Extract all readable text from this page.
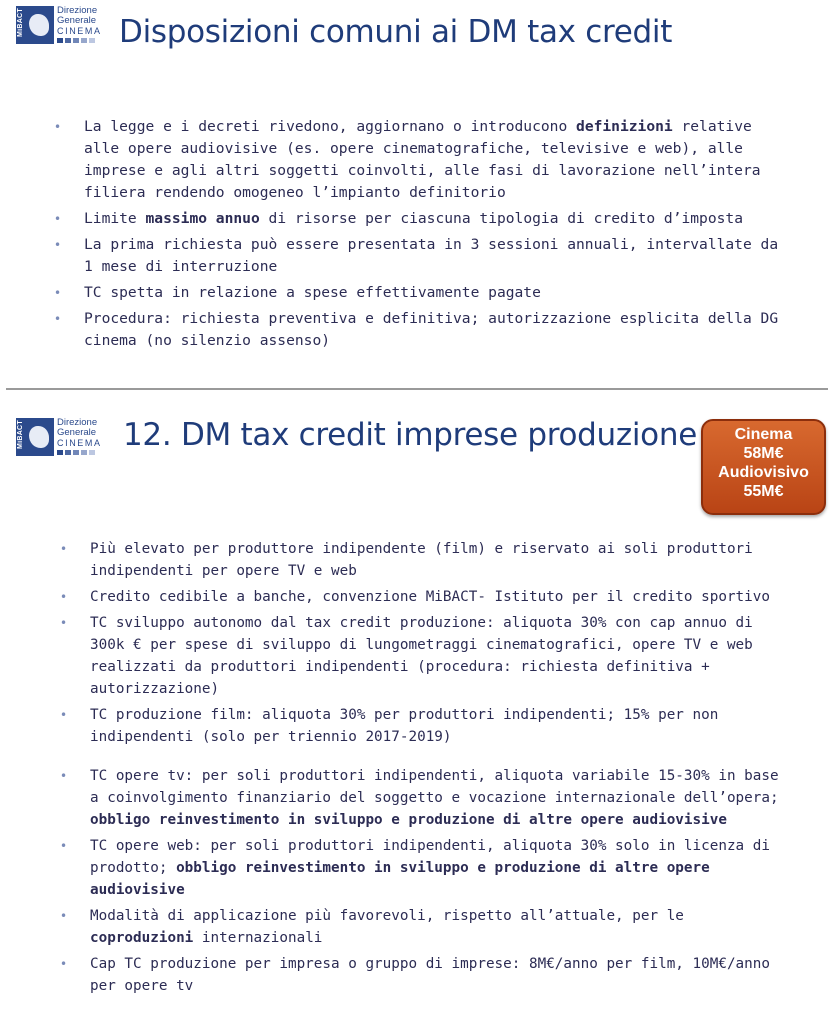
MiBACT	Direzione
Generale
CINEMA Disposizioni comuni ai DM tax credit
• La legge e i decreti rivedono, aggiornano o introducono definizioni relative alle opere audiovisive (es. opere cinematografiche, televisive e web), alle imprese e agli altri soggetti coinvolti, alle fasi di lavorazione nell’intera filiera rendendo omogeneo l’impianto definitorio
• Limite massimo annuo di risorse per ciascuna tipologia di credito d’imposta
• La prima richiesta può essere presentata in 3 sessioni annuali, intervallate da 1 mese di interruzione
• TC spetta in relazione a spese effettivamente pagate
• Procedura: richiesta preventiva e definitiva; autorizzazione esplicita della DG cinema (no silenzio assenso)
MiBACT	Direzione
Generale
CINEMA 12. DM tax credit imprese produzione	Cinema
58M€
Audiovisivo
55M€
• Più elevato per produttore indipendente (film) e riservato ai soli produttori indipendenti per opere TV e web
• Credito cedibile a banche, convenzione MiBACT- Istituto per il credito sportivo
• TC sviluppo autonomo dal tax credit produzione: aliquota 30% con cap annuo di 300k € per spese di sviluppo di lungometraggi cinematografici, opere TV e web realizzati da produttori indipendenti (procedura: richiesta definitiva + autorizzazione)
• TC produzione film: aliquota 30% per produttori indipendenti; 15% per non indipendenti (solo per triennio 2017-2019)
• TC opere tv: per soli produttori indipendenti, aliquota variabile 15-30% in base a coinvolgimento finanziario del soggetto e vocazione internazionale dell’opera; obbligo reinvestimento in sviluppo e produzione di altre opere audiovisive
• TC opere web: per soli produttori indipendenti, aliquota 30% solo in licenza di prodotto; obbligo reinvestimento in sviluppo e produzione di altre opere audiovisive
• Modalità di applicazione più favorevoli, rispetto all’attuale, per le coproduzioni internazionali
• Cap TC produzione per impresa o gruppo di imprese: 8M€/anno per film, 10M€/anno per opere tv
